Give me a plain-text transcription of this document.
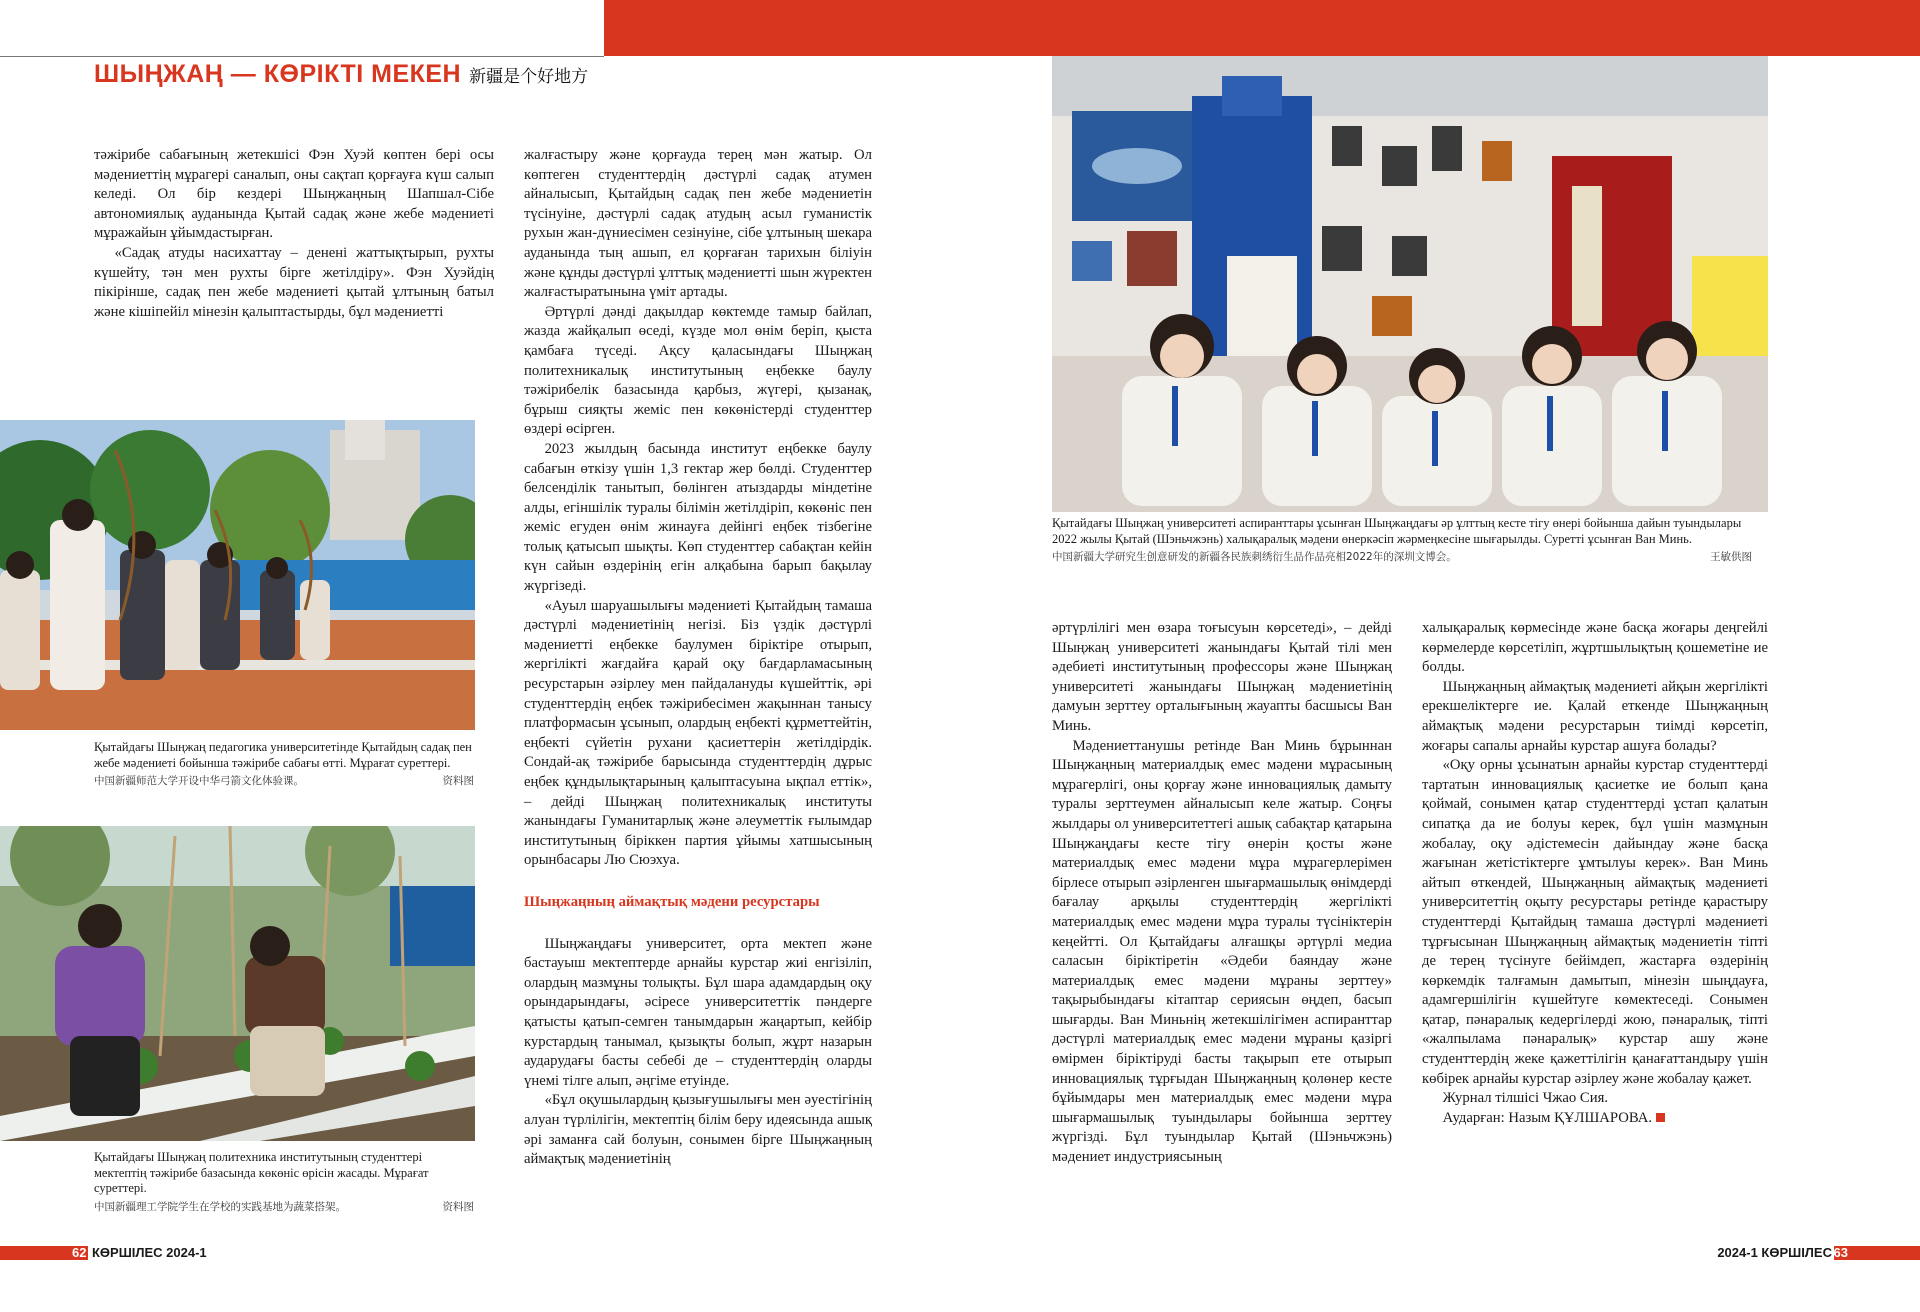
ШЫҢЖАҢ — КӨРІКТІ МЕКЕН 新疆是个好地方

тәжірибе сабағының жетекшісі Фэн Хуэй көптен бері осы мәдениеттің мұрагері саналып, оны сақтап қорғауға күш салып келеді. Ол бір кездері Шыңжаңның Шапшал-Сібе автономиялық ауданында Қытай садақ және жебе мәдениеті мұражайын ұйымдастырған.

«Садақ атуды насихаттау – денені жаттықтырып, рухты күшейту, тән мен рухты бірге жетілдіру». Фэн Хуэйдің пікірінше, садақ пен жебе мәдениеті қытай ұлтының батыл және кішіпейіл мінезін қалыптастырды, бұл мәдениетті

Қытайдағы Шыңжаң педагогика университетінде Қытайдың садақ пен жебе мәдениеті бойынша тәжірибе сабағы өтті. Мұрағат суреттері.
中国新疆师范大学开设中华弓箭文化体验课。	资料图
Қытайдағы Шыңжаң политехника институтының студенттері мектептің тәжірибе базасында көкөніс өрісін жасады. Мұрағат суреттері.
中国新疆理工学院学生在学校的实践基地为蔬菜搭架。	资料图

жалғастыру және қорғауда терең мән жатыр. Ол көптеген студенттердің дәстүрлі садақ атумен айналысып, Қытайдың садақ пен жебе мәдениетін түсінуіне, дәстүрлі садақ атудың асыл гуманистік рухын жан-дүниесімен сезінуіне, сібе ұлтының шекара ауданында тың ашып, ел қорғаған тарихын біліуін және құнды дәстүрлі ұлттық мәдениетті шын жүректен жалғастыратынына үміт артады.

Әртүрлі дәнді дақылдар көктемде тамыр байлап, жазда жайқалып өседі, күзде мол өнім беріп, қыста қамбаға түседі. Ақсу қаласындағы Шыңжаң политехникалық институтының еңбекке баулу тәжірибелік базасында қарбыз, жүгері, қызанақ, бұрыш сияқты жеміс пен көкөністерді студенттер өздері өсірген.

2023 жылдың басында институт еңбекке баулу сабағын өткізу үшін 1,3 гектар жер бөлді. Студенттер белсенділік танытып, бөлінген атыздарды міндетіне алды, егіншілік туралы білімін жетілдіріп, көкөніс пен жеміс егуден өнім жинауға дейінгі еңбек тізбегіне толық қатысып шықты. Көп студенттер сабақтан кейін күн сайын өздерінің егін алқабына барып бақылау жүргізеді.

«Ауыл шаруашылығы мәдениеті Қытайдың тамаша дәстүрлі мәдениетінің негізі. Біз үздік дәстүрлі мәдениетті еңбекке баулумен біріктіре отырып, жергілікті жағдайға қарай оқу бағдарламасының ресурстарын әзірлеу мен пайдалануды күшейттік, әрі студенттердің еңбек тәжірибесімен жақыннан танысу платформасын ұсынып, олардың еңбекті құрметтейтін, еңбекті сүйетін рухани қасиеттерін жетілдірдік. Сондай-ақ тәжірибе барысында студенттердің дұрыс еңбек құндылықтарының қалыптасуына ықпал еттік», – дейді Шыңжаң политехникалық институты жанындағы Гуманитарлық және әлеуметтік ғылымдар институтының біріккен партия ұйымы хатшысының орынбасары Лю Сюэхуа.

Шыңжаңның аймақтық мәдени ресурстары

Шыңжаңдағы университет, орта мектеп және бастауыш мектептерде арнайы курстар жиі енгізіліп, олардың мазмұны толықты. Бұл шара адамдардың оқу орындарындағы, әсіресе университеттік пәндерге қатысты қатып-семген танымдарын жаңартып, кейбір курстардың танымал, қызықты болып, жұрт назарын аударудағы басты себебі де – студенттердің оларды үнемі тілге алып, әңгіме етуінде.

«Бұл оқушылардың қызығушылығы мен әуестігінің алуан түрлілігін, мектептің білім беру идеясында ашық әрі заманға сай болуын, сонымен бірге Шыңжаңның аймақтық мәдениетінің

Қытайдағы Шыңжаң университеті аспиранттары ұсынған Шыңжаңдағы әр ұлттың кесте тігу өнері бойынша дайын туындылары 2022 жылы Қытай (Шэньчжэнь) халықаралық мәдени өнеркәсіп жәрмеңкесіне шығарылды. Суретті ұсынған Ван Минь.
中国新疆大学研究生创意研发的新疆各民族刺绣衍生品作品亮相2022年的深圳文博会。	王敏供图

әртүрлілігі мен өзара тоғысуын көрсетеді», – дейді Шыңжаң университеті жанындағы Қытай тілі мен әдебиеті институтының профессоры және Шыңжаң университеті жанындағы Шыңжаң мәдениетінің дамуын зерттеу орталығының жауапты басшысы Ван Минь.

Мәдениеттанушы ретінде Ван Минь бұрыннан Шыңжаңның материалдық емес мәдени мұрасының мұрагерлігі, оны қорғау және инновациялық дамыту туралы зерттеумен айналысып келе жатыр. Соңғы жылдары ол университеттегі ашық сабақтар қатарына Шыңжаңдағы кесте тігу өнерін қосты және материалдық емес мәдени мұра мұрагерлерімен бірлесе отырып әзірленген шығармашылық өнімдерді бағалау арқылы студенттердің жергілікті материалдық емес мәдени мұра туралы түсініктерін кеңейтті. Ол Қытайдағы алғашқы әртүрлі медиа саласын біріктіретін «Әдеби баяндау және материалдық емес мәдени мұраны зерттеу» тақырыбындағы кітаптар сериясын өңдеп, басып шығарды. Ван Миньнің жетекшілігімен аспиранттар дәстүрлі материалдық емес мәдени мұраны қазіргі өмірмен біріктіруді басты тақырып ете отырып инновациялық тұрғыдан Шыңжаңның қолөнер кесте бұйымдары мен материалдық емес мәдени мұра шығармашылық туындылары бойынша зерттеу жүргізді. Бұл туындылар Қытай (Шэньчжэнь) мәдениет индустриясының

халықаралық көрмесінде және басқа жоғары деңгейлі көрмелерде көрсетіліп, жұртшылықтың қошеметіне ие болды.

Шыңжаңның аймақтық мәдениеті айқын жергілікті ерекшеліктерге ие. Қалай еткенде Шыңжаңның аймақтық мәдени ресурстарын тиімді көрсетіп, жоғары сапалы арнайы курстар ашуға болады?

«Оқу орны ұсынатын арнайы курстар студенттерді тартатын инновациялық қасиетке ие болып қана қоймай, сонымен қатар студенттерді ұстап қалатын сипатқа да ие болуы керек, бұл үшін мазмұнын жобалау, оқу әдістемесін дайындау және басқа жағынан жетістіктерге ұмтылуы керек». Ван Минь айтып өткендей, Шыңжаңның аймақтық мәдениеті университеттің оқыту ресурстары ретінде қарастыру студенттерді Қытайдың тамаша дәстүрлі мәдениеті тұрғысынан Шыңжаңның аймақтық мәдениетін тіпті де терең түсінуге бейімдеп, жастарға өздерінің көркемдік талғамын дамытып, мінезін шыңдауға, адамгершілігін күшейтуге көмектеседі. Сонымен қатар, пәнаралық кедергілерді жою, пәнаралық, тіпті «жалпылама пәнаралық» курстар ашу және студенттердің жеке қажеттілігін қанағаттандыру үшін көбірек арнайы курстар әзірлеу және жобалау қажет.

Журнал тілшісі Чжао Сия.

Аударған: Назым ҚҰЛШАРОВА.

62 КӨРШІЛЕС 2024-1	2024-1 КӨРШІЛЕС 63
